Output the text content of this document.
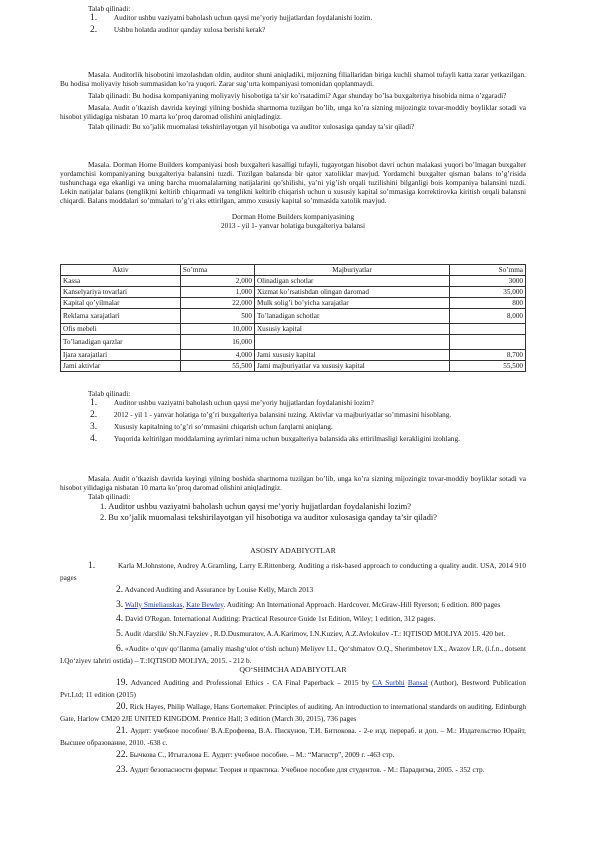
Talab qilinadi:

1. Auditor ushbu vaziyatni baholash uchun qaysi me’yoriy hujjatlardan foydalanishi lozim.
2. Ushbu holatda auditor qanday xulosa berishi kerak?

Masala. Auditorlik hisobotini imzolashdan oldin, auditor shuni aniqladiki, mijozning filiallaridan biriga kuchli shamol tufayli katta zarar yetkazilgan. Bu hodisa moliyaviy hisob summasidan ko’ra yuqori. Zarar sug’urta kompaniyasi tomonidan qoplanmaydi.

Talab qilinadi: Bu hodisa kompaniyaning moliyaviy hisobotiga ta’sir ko’rsatadimi? Agar shunday bo’lsa buxgalteriya hisobida nima o’zgaradi?

Masala. Audit o’tkazish davrida keyingi yilning boshida shartnoma tuzilgan bo’lib, unga ko’ra sizning mijozingiz tovar-moddiy boyliklar sotadi va hisobot yilidagiga nisbatan 10 marta ko’proq daromad olishini aniqladingiz.

Talab qilinadi: Bu xo’jalik muomalasi tekshirilayotgan yil hisobotiga va auditor xulosasiga qanday ta’sir qiladi?

Masala. Dorman Home Builders kompaniyasi bosh buxgalteri kasalligi tufayli, tugayotgan hisobot davri uchun malakasi yuqori bo’lmagan buxgalter yordamchisi kompaniyaning buxgalteriya balansini tuzdi. Tuzilgan balansda bir qator xatoliklar mavjud. Yordamchi buxgalter qisman balans to’g’risida tushunchaga ega ekanligi va uning barcha muomalalarning natijalarini qo’shilishi, ya’ni yig’ish orqali tuzilishini bilganligi bois kompaniya balansini tuzdi. Lekin natijalar balans (tenglik)ni keltirib chiqarmadi va tenglikni keltirib chiqarish uchun u xususiy kapital so’mmasiga korrektirovka kiritish orqali balansni chiqardi. Balans moddalari so’mmalari to’g’ri aks ettirilgan, ammo xususiy kapital so’mmasida xatolik mavjud.

Dorman Home Builders kompaniyasining

2013 - yil 1- yanvar holatiga buxgalteriya balansi

Aktiv	So’mma	Majburiyatlar	So’mma
Kassa	2,000	Olinadigan schotlar	3000
Kanselyariya tovarlari	1,000	Xizmat ko’rsatishdan olingan daromad	35,000
Kapital qo’yilmalar	22,000	Mulk solig’i bo’yicha xarajatlar	800
Reklama xarajatlari	500	To’lanadigan schotlar	8,000
Ofis mebeli	10,000	Xususiy kapital	
To’lanadigan qarzlar	16,000		
Ijara xarajatlari	4,000	Jami xususiy kapital	8,700
Jami aktivlar	55,500	Jami majburiyatlar va xususiy kapital	55,500

Talab qilinadi:

1. Auditor ushbu vaziyatni baholash uchun qaysi me’yoriy hujjatlardan foydalanishi lozim?
2. 2012 - yil 1 - yanvar holatiga to’g’ri buxgalteriya balansini tuzing. Aktivlar va majburiyatlar so’mmasini hisoblang.
3. Xususiy kapitalning to’g’ri so’mmasini chiqarish uchun farqlarni aniqlang.
4. Yuqorida keltirilgan moddalarning ayrimlari nima uchun buxgalteriya balansida aks ettirilmasligi kerakligini izohlang.

Masala. Audit o’tkazish davrida keyingi yilning boshida shartnoma tuzilgan bo’lib, unga ko’ra sizning mijozingiz tovar-moddiy boyliklar sotadi va hisobot yilidagiga nisbatan 10 marta ko’proq daromad olishini aniqladingiz.

Talab qilinadi:

1. Auditor ushbu vaziyatni baholash uchun qaysi me’yoriy hujjatlardan foydalanishi lozim?
2. Bu xo’jalik muomalasi tekshirilayotgan yil hisobotiga va auditor xulosasiga qanday ta’sir qiladi?

ASOSIY ADABIYOTLAR

1.	Karla M.Johnstone, Audrey A.Gramling, Larry E.Rittenberg. Auditing a risk-based approach to conducting a quality audit. USA, 2014 910 pages
2. Advanced Auditing and Assurance by Louise Kelly, March 2013
3. Wally Smieliauskas, Kate Bewley. Auditing: An International Approach. Hardcover. McGraw-Hill Ryerson; 6 edition. 800 pages
4. David O'Regan. International Auditing: Practical Resource Guide 1st Edition, Wiley; 1 edition, 312 pages.
5. Audit /darslik/ Sh.N.Fayziev , R.D.Dusmuratov, A.A.Karimov, I.N.Kuziev, A.Z.Avlokulov -T.: IQTISOD MOLIYA 2015. 420 bet.
6. «Audit» o‘quv qo‘llanma (amaliy mashg‘ulot o‘tish uchun) Meliyev I.I., Qo‘shmatov O.Q., Sherimbetov I.X., Avazov I.R. (i.f.n., dotsent I.Qo‘ziyev tahriri ostida) – T.:IQTISOD MOLIYA, 2015. - 212 b.

QO‘SHIMCHA ADABIYOTLAR

19. Advanced Auditing and Professional Ethics - CA Final Paperback – 2015 by CA Surbhi Bansal (Author), Bestword Publication Pvt.Ltd; 11 edition (2015)
20. Rick Hayes, Philip Wallage, Hans Gortemaker. Principles of auditing. An introduction to international standards on auditing. Edinburgh Gate, Harlow CM20 2JE UNITED KINGDOM. Prentice Hall; 3 edition (March 30, 2015), 736 pages
21. Аудит: учебное пособие/ В.А.Ерофеева, В.А. Пискунов, Т.И. Битюкова. - 2-е изд. перераб. и доп. – М.: Издательство Юрайт, Высшее образование, 2010. -638 с.
22. Бычкова С., Итыгалова Е. Аудит: учебное пособие. – М.: “Магистр”, 2009 г. -463 стр.
23. Аудит безопасности фирмы: Теория и практика. Учебное пособие для студентов. - М.: Парадигма, 2005. - 352 стр.
